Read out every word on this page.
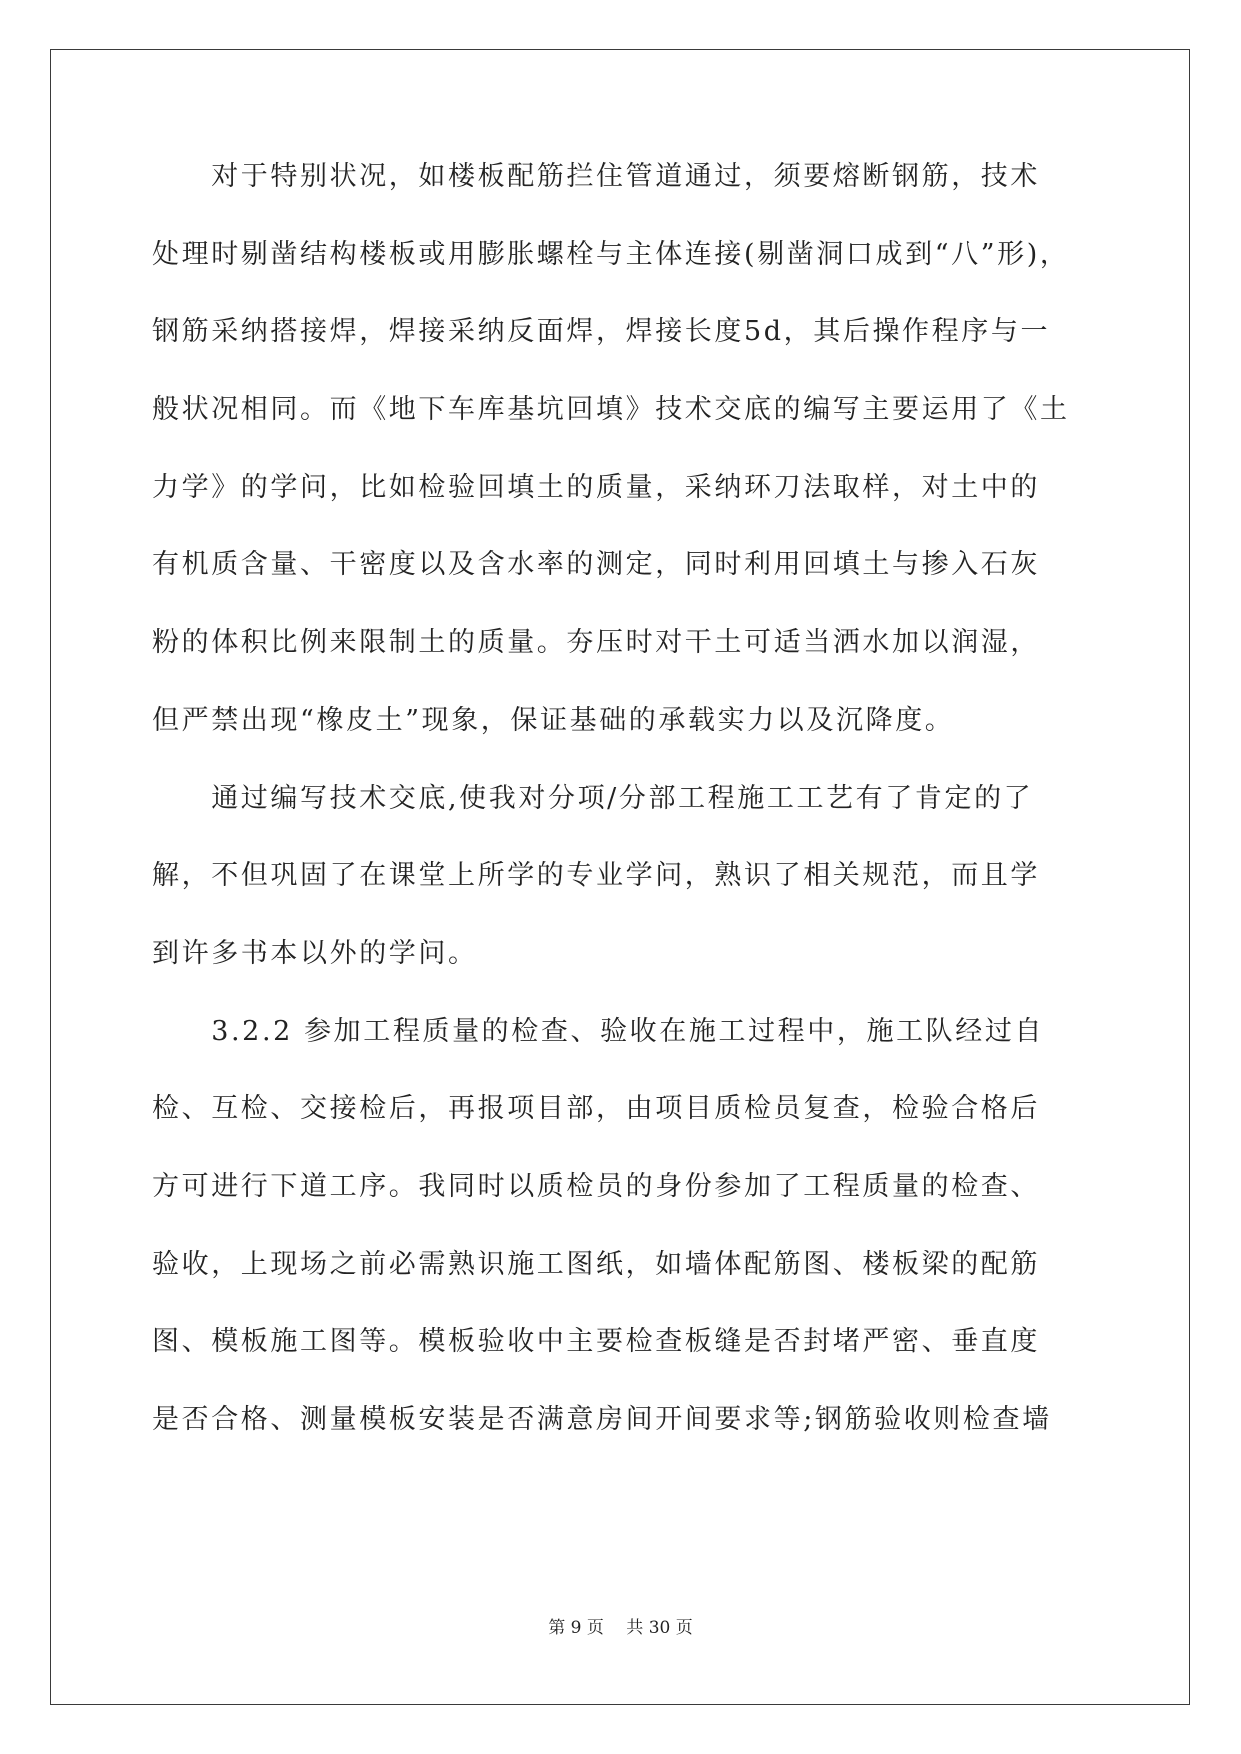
　　对于特别状况，如楼板配筋拦住管道通过，须要熔断钢筋，技术
处理时剔凿结构楼板或用膨胀螺栓与主体连接(剔凿洞口成到“八”形)，
钢筋采纳搭接焊，焊接采纳反面焊，焊接长度5d，其后操作程序与一
般状况相同。而《地下车库基坑回填》技术交底的编写主要运用了《土
力学》的学问，比如检验回填土的质量，采纳环刀法取样，对土中的
有机质含量、干密度以及含水率的测定，同时利用回填土与掺入石灰
粉的体积比例来限制土的质量。夯压时对干土可适当洒水加以润湿，
但严禁出现“橡皮土”现象，保证基础的承载实力以及沉降度。
　　通过编写技术交底,使我对分项/分部工程施工工艺有了肯定的了
解，不但巩固了在课堂上所学的专业学问，熟识了相关规范，而且学
到许多书本以外的学问。
　　3.2.2 参加工程质量的检查、验收在施工过程中，施工队经过自
检、互检、交接检后，再报项目部，由项目质检员复查，检验合格后
方可进行下道工序。我同时以质检员的身份参加了工程质量的检查、
验收，上现场之前必需熟识施工图纸，如墙体配筋图、楼板梁的配筋
图、模板施工图等。模板验收中主要检查板缝是否封堵严密、垂直度
是否合格、测量模板安装是否满意房间开间要求等;钢筋验收则检查墙
第 9 页　 共 30 页
